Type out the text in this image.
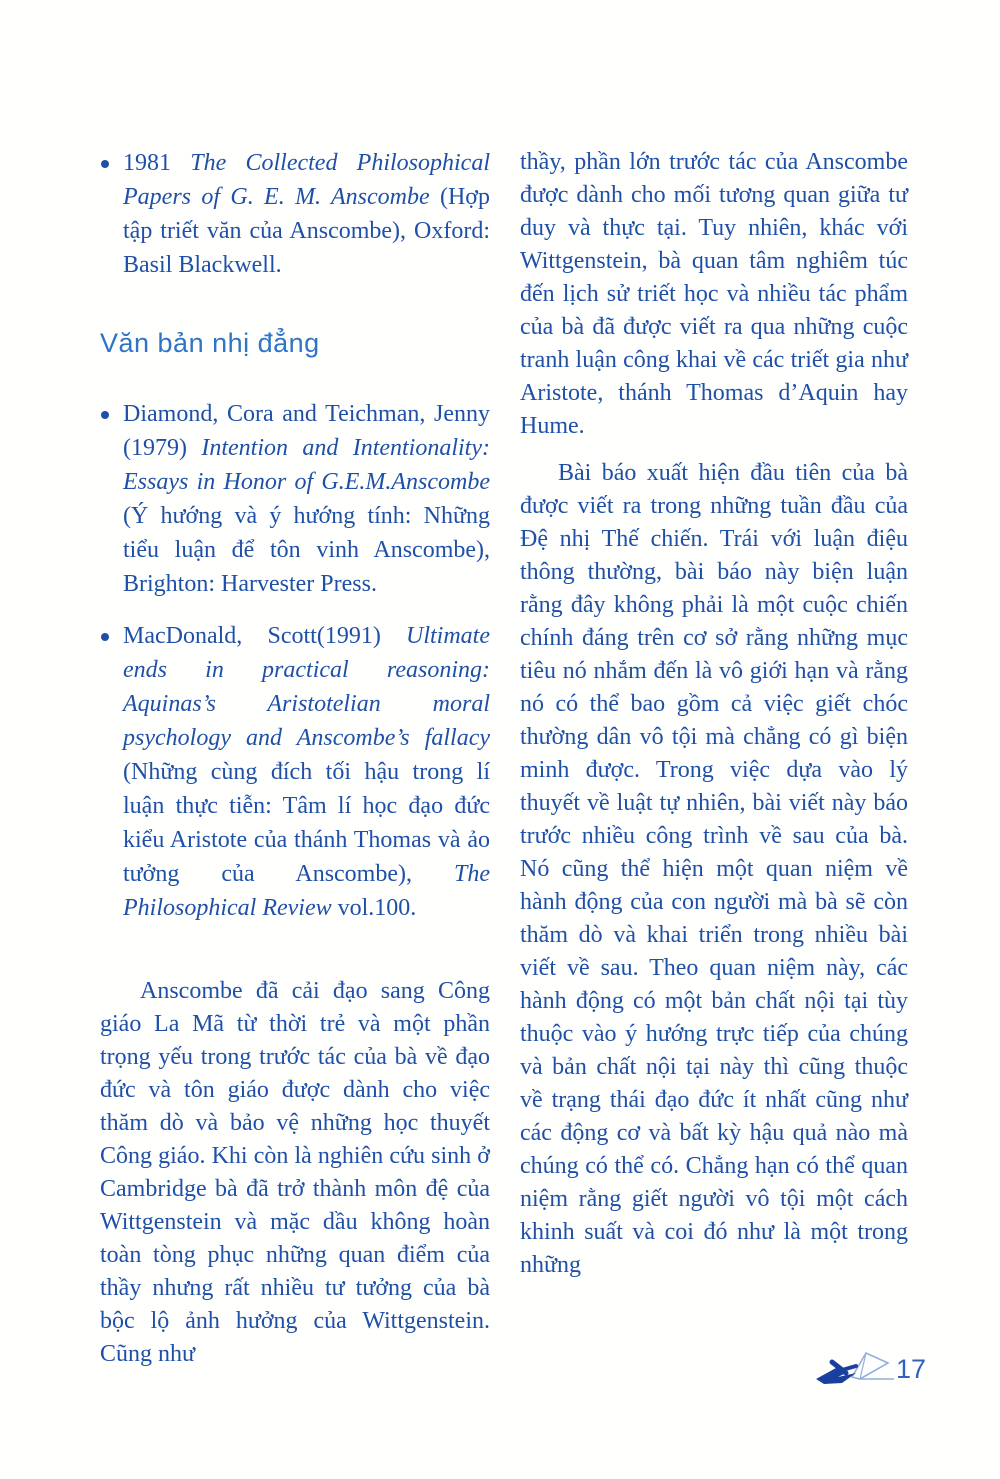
1981 The Collected Philosophical Papers of G. E. M. Anscombe (Hợp tập triết văn của Anscombe), Oxford: Basil Blackwell.
Văn bản nhị đẳng
Diamond, Cora and Teichman, Jenny (1979) Intention and Intentionality: Essays in Honor of G.E.M.Anscombe (Ý hướng và ý hướng tính: Những tiểu luận để tôn vinh Anscombe), Brighton: Harvester Press.
MacDonald, Scott(1991) Ultimate ends in practical reasoning: Aquinas’s Aristotelian moral psychology and Anscombe’s fallacy (Những cùng đích tối hậu trong lí luận thực tiễn: Tâm lí học đạo đức kiểu Aristote của thánh Thomas và ảo tưởng của Anscombe), The Philosophical Review vol.100.

Anscombe đã cải đạo sang Công giáo La Mã từ thời trẻ và một phần trọng yếu trong trước tác của bà về đạo đức và tôn giáo được dành cho việc thăm dò và bảo vệ những học thuyết Công giáo. Khi còn là nghiên cứu sinh ở Cambridge bà đã trở thành môn đệ của Wittgenstein và mặc dầu không hoàn toàn tòng phục những quan điểm của thầy nhưng rất nhiều tư tưởng của bà bộc lộ ảnh hưởng của Wittgenstein. Cũng như

thầy, phần lớn trước tác của Anscombe được dành cho mối tương quan giữa tư duy và thực tại. Tuy nhiên, khác với Wittgenstein, bà quan tâm nghiêm túc đến lịch sử triết học và nhiều tác phẩm của bà đã được viết ra qua những cuộc tranh luận công khai về các triết gia như Aristote, thánh Thomas d’Aquin hay Hume.

Bài báo xuất hiện đầu tiên của bà được viết ra trong những tuần đầu của Đệ nhị Thế chiến. Trái với luận điệu thông thường, bài báo này biện luận rằng đây không phải là một cuộc chiến chính đáng trên cơ sở rằng những mục tiêu nó nhắm đến là vô giới hạn và rằng nó có thể bao gồm cả việc giết chóc thường dân vô tội mà chẳng có gì biện minh được. Trong việc dựa vào lý thuyết về luật tự nhiên, bài viết này báo trước nhiều công trình về sau của bà. Nó cũng thể hiện một quan niệm về hành động của con người mà bà sẽ còn thăm dò và khai triển trong nhiều bài viết về sau. Theo quan niệm này, các hành động có một bản chất nội tại tùy thuộc vào ý hướng trực tiếp của chúng và bản chất nội tại này thì cũng thuộc về trạng thái đạo đức ít nhất cũng như các động cơ và bất kỳ hậu quả nào mà chúng có thể có. Chẳng hạn có thể quan niệm rằng giết người vô tội một cách khinh suất và coi đó như là một trong những

17
